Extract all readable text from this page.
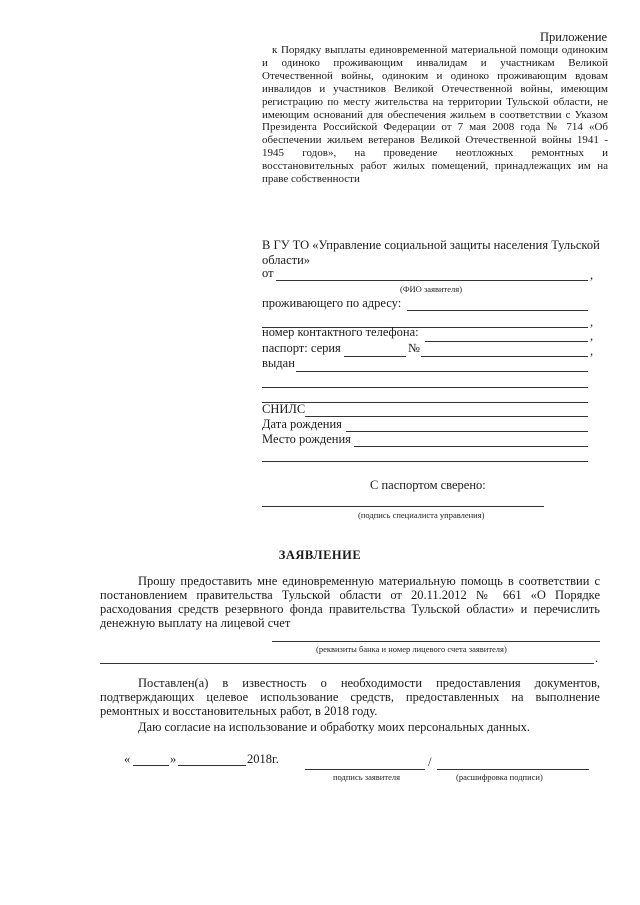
Приложение
к Порядку выплаты единовременной материальной помощи одиноким и одиноко проживающим инвалидам и участникам Великой Отечественной войны, одиноким и одиноко проживающим вдовам инвалидов и участников Великой Отечественной войны, имеющим регистрацию по месту жительства на территории Тульской области, не имеющим оснований для обеспечения жильем в соответствии с Указом Президента Российской Федерации от 7 мая 2008 года № 714 «Об обеспечении жильем ветеранов Великой Отечественной войны 1941 - 1945 годов», на проведение неотложных ремонтных и восстановительных работ жилых помещений, принадлежащих им на праве собственности
В ГУ ТО «Управление социальной защиты населения Тульской области»
от	,
(ФИО заявителя)
проживающего по адресу:
,
номер контактного телефона:	,
паспорт: серия	№	,
выдан
СНИЛС
Дата рождения
Место рождения
С паспортом сверено:
(подпись специалиста управления)
ЗАЯВЛЕНИЕ
Прошу предоставить мне единовременную материальную помощь в соответствии с постановлением правительства Тульской области от 20.11.2012 № 661 «О Порядке расходования средств резервного фонда правительства Тульской области» и перечислить денежную выплату на лицевой счет
(реквизиты банка и номер лицевого счета заявителя)
.
Поставлен(а) в известность о необходимости предоставления документов, подтверждающих целевое использование средств, предоставленных на выполнение ремонтных и восстановительных работ, в 2018 году.
Даю согласие на использование и обработку моих персональных данных.
«	»	2018г.	/
подпись заявителя	(расшифровка подписи)
